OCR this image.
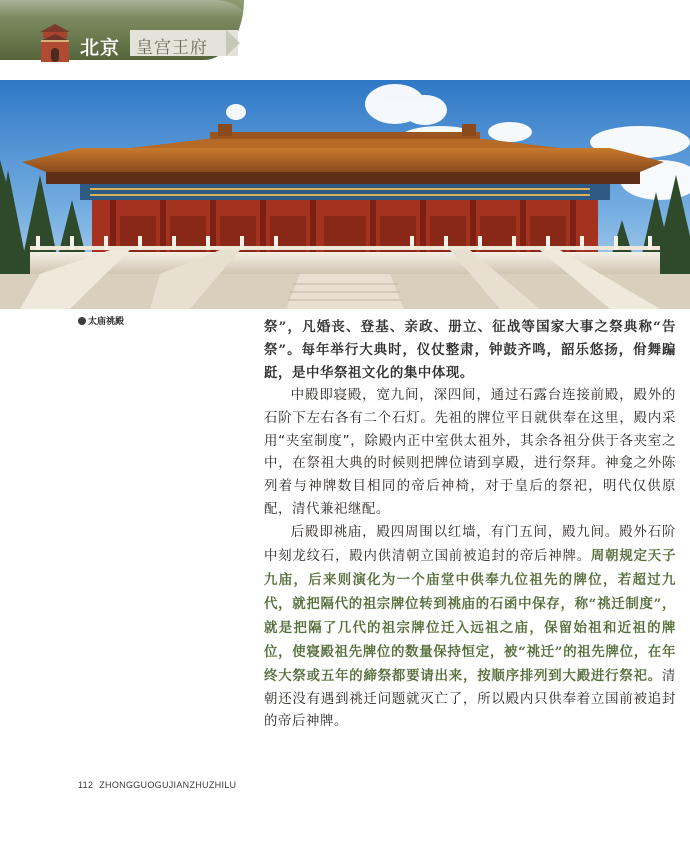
北京 皇宫王府
太庙祧殿	祭”，凡婚丧、登基、亲政、册立、征战等国家大事之祭典称“告祭”。每年举行大典时，仪仗整肃，钟鼓齐鸣，韶乐悠扬，佾舞蹁跹，是中华祭祖文化的集中体现。

中殿即寝殿，宽九间，深四间，通过石露台连接前殿，殿外的石阶下左右各有二个石灯。先祖的牌位平日就供奉在这里，殿内采用“夹室制度”，除殿内正中室供太祖外，其余各祖分供于各夹室之中，在祭祖大典的时候则把牌位请到享殿，进行祭拜。神龛之外陈列着与神牌数目相同的帝后神椅，对于皇后的祭祀，明代仅供原配，清代兼祀继配。

后殿即祧庙，殿四周围以红墙，有门五间，殿九间。殿外石阶中刻龙纹石，殿内供清朝立国前被追封的帝后神牌。周朝规定天子九庙，后来则演化为一个庙堂中供奉九位祖先的牌位，若超过九代，就把隔代的祖宗牌位转到祧庙的石函中保存，称“祧迁制度”，就是把隔了几代的祖宗牌位迁入远祖之庙，保留始祖和近祖的牌位，使寝殿祖先牌位的数量保持恒定，被“祧迁”的祖先牌位，在年终大祭或五年的締祭都要请出来，按顺序排列到大殿进行祭祀。清朝还没有遇到祧迁问题就灭亡了，所以殿内只供奉着立国前被追封的帝后神牌。

112 ZHONGGUOGUJIANZHUZHILU
